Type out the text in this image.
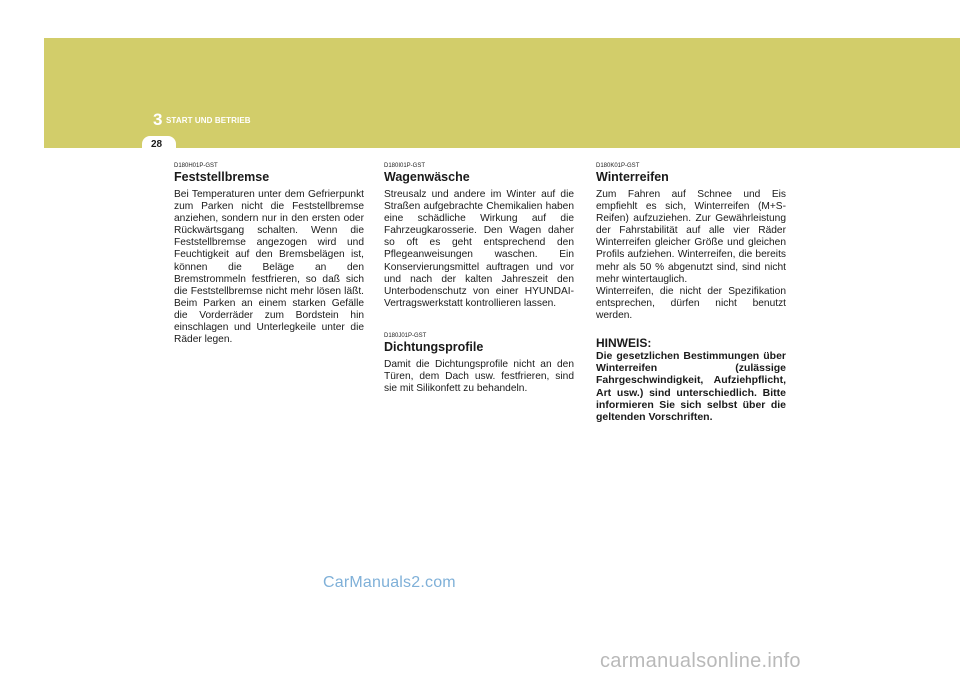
3 START UND BETRIEB
28

D180H01P-GST

Feststellbremse

Bei Temperaturen unter dem Gefrierpunkt zum Parken nicht die Feststellbremse anziehen, sondern nur in den ersten oder Rückwärtsgang schalten. Wenn die Feststellbremse angezogen wird und Feuchtigkeit auf den Bremsbelägen ist, können die Beläge an den Bremstrommeln festfrieren, so daß sich die Feststellbremse nicht mehr lösen läßt. Beim Parken an einem starken Gefälle die Vorderräder zum Bordstein hin einschlagen und Unterlegkeile unter die Räder legen.

D180I01P-GST

Wagenwäsche

Streusalz und andere im Winter auf die Straßen aufgebrachte Chemikalien haben eine schädliche Wirkung auf die Fahrzeugkarosserie. Den Wagen daher so oft es geht entsprechend den Pflegeanweisungen waschen. Ein Konservierungsmittel auftragen und vor und nach der kalten Jahreszeit den Unterbodenschutz von einer HYUNDAI-Vertragswerkstatt kontrollieren lassen.

D180J01P-GST

Dichtungsprofile

Damit die Dichtungsprofile nicht an den Türen, dem Dach usw. festfrieren, sind sie mit Silikonfett zu behandeln.

D180K01P-GST

Winterreifen

Zum Fahren auf Schnee und Eis empfiehlt es sich, Winterreifen (M+S-Reifen) aufzuziehen. Zur Gewährleistung der Fahrstabilität auf alle vier Räder Winterreifen gleicher Größe und gleichen Profils aufziehen. Winterreifen, die bereits mehr als 50 % abgenutzt sind, sind nicht mehr wintertauglich.

Winterreifen, die nicht der Spezifikation entsprechen, dürfen nicht benutzt werden.

HINWEIS:

Die gesetzlichen Bestimmungen über Winterreifen (zulässige Fahrgeschwindigkeit, Aufziehpflicht, Art usw.) sind unterschiedlich. Bitte informieren Sie sich selbst über die geltenden Vorschriften.

CarManuals2.com
carmanualsonline.info
